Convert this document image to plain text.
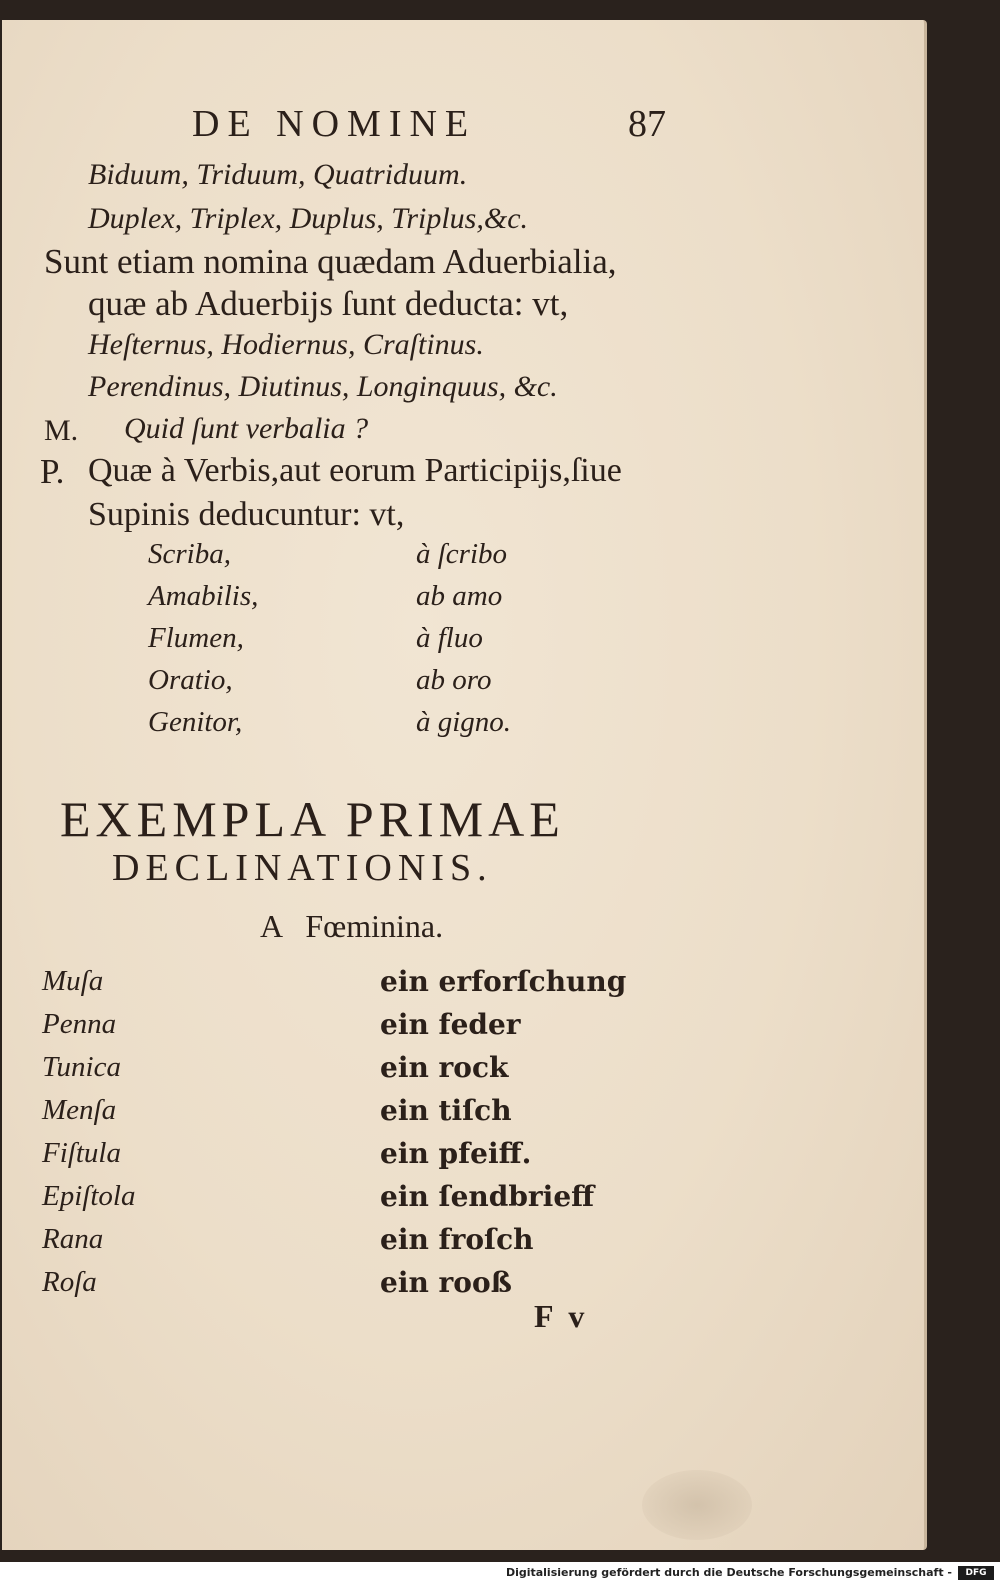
DE NOMINE	87

Biduum, Triduum, Quatriduum.

Duplex, Triplex, Duplus, Triplus,&c.

Sunt etiam nomina quædam Aduerbialia,

quæ ab Aduerbijs ſunt deducta: vt,

Heſternus, Hodiernus, Craſtinus.

Perendinus, Diutinus, Longinquus, &c.

M. Quid ſunt verbalia ?

P. Quæ à Verbis,aut eorum Participijs,ſiue

Supinis deducuntur: vt,

Scriba,	à ſcribo

Amabilis,	ab amo

Flumen,	à fluo

Oratio,	ab oro

Genitor,	à gigno.

EXEMPLA PRIMAE

DECLINATIONIS.

A   Fœminina.

Muſa	ein erforſchung

Penna	ein feder

Tunica	ein rock

Menſa	ein tiſch

Fiſtula	ein pfeiff.

Epiſtola	ein ſendbrieff

Rana	ein froſch

Roſa	ein rooß

F  v

Digitalisierung gefördert durch die Deutsche Forschungsgemeinschaft -	DFG
